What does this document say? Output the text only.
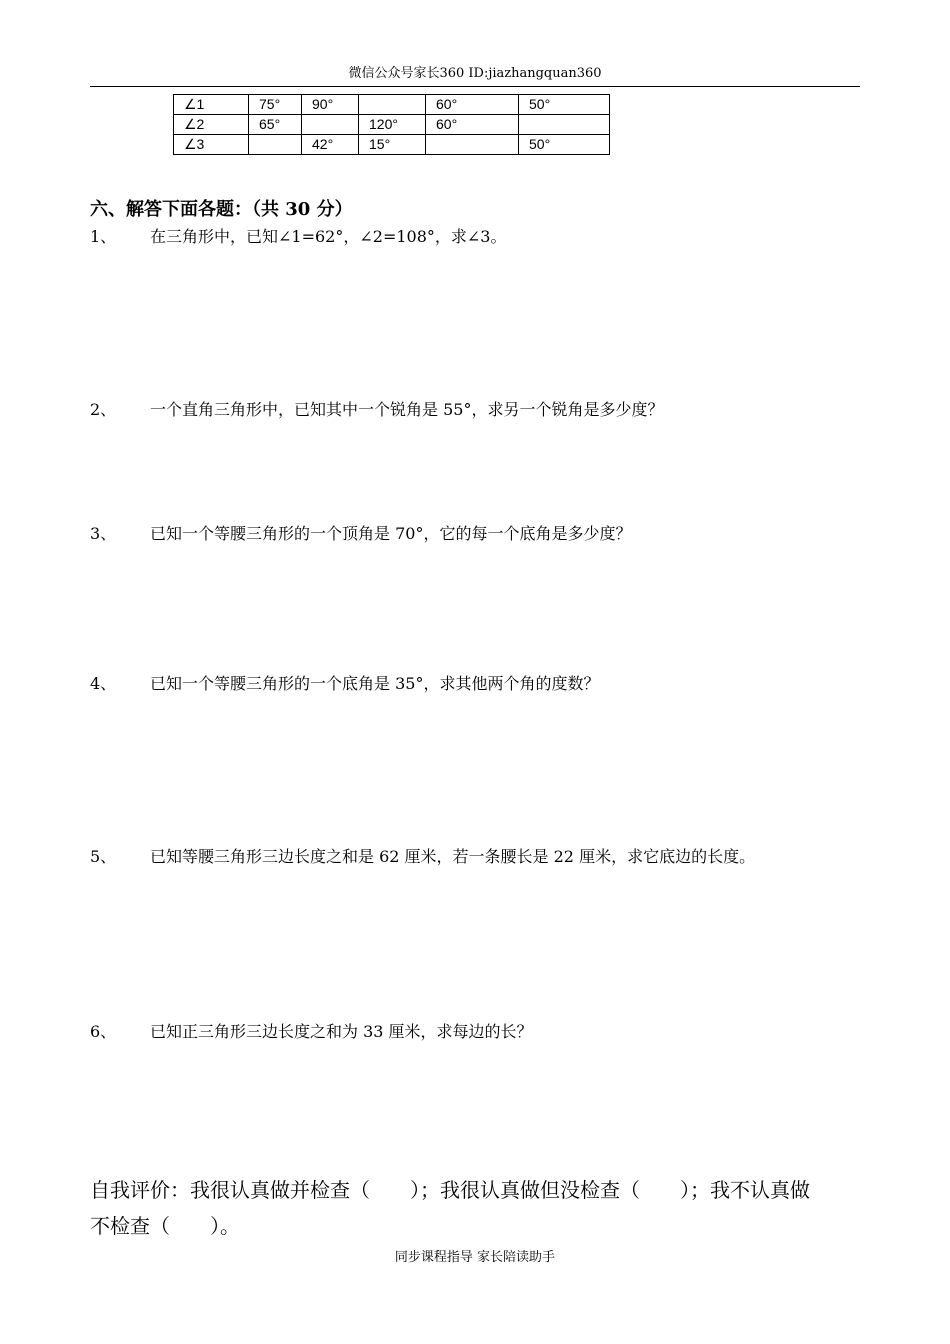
微信公众号家长360 ID:jiazhangquan360
∠1	75°	90°		60°	50°
∠2	65°		120°	60°	
∠3		42°	15°		50°
六、解答下面各题：（共 30 分）
1、 在三角形中，已知∠1=62°，∠2=108°，求∠3。
2、 一个直角三角形中，已知其中一个锐角是 55°，求另一个锐角是多少度？
3、 已知一个等腰三角形的一个顶角是 70°，它的每一个底角是多少度？
4、 已知一个等腰三角形的一个底角是 35°，求其他两个角的度数？
5、 已知等腰三角形三边长度之和是 62 厘米，若一条腰长是 22 厘米，求它底边的长度。
6、 已知正三角形三边长度之和为 33 厘米，求每边的长？
自我评价：我很认真做并检查（　　）；我很认真做但没检查（　　）；我不认真做
不检查（　　）。
同步课程指导 家长陪读助手
